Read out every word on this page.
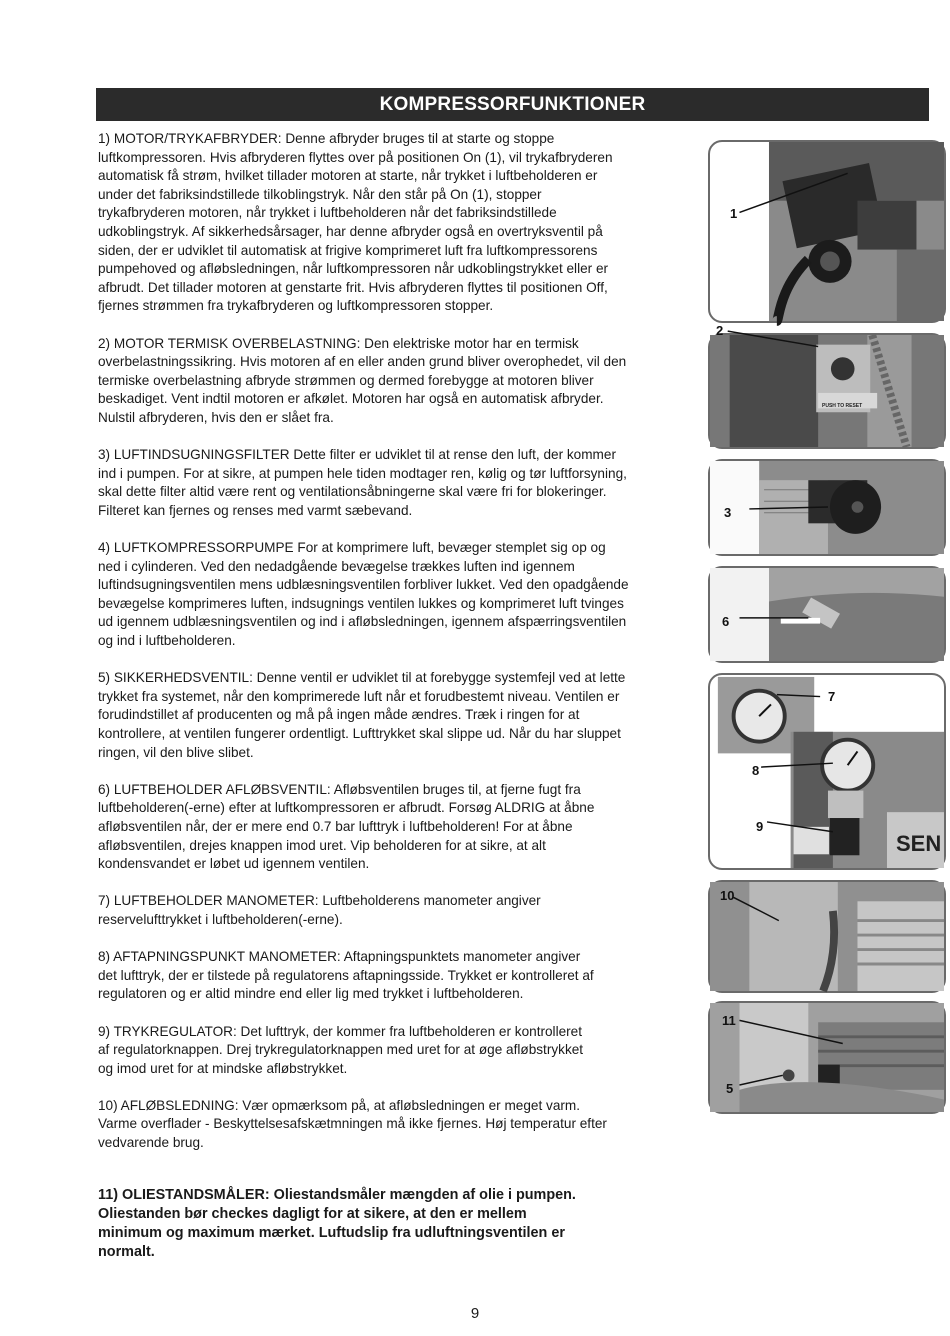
KOMPRESSORFUNKTIONER

1) MOTOR/TRYKAFBRYDER: Denne afbryder bruges til at starte og stoppe
luftkompressoren. Hvis afbryderen flyttes over på positionen On (1), vil trykafbryderen
automatisk få strøm, hvilket tillader motoren at starte, når trykket i luftbeholderen er
under det fabriksindstillede tilkoblingstryk. Når den står på On (1), stopper
trykafbryderen motoren, når trykket i luftbeholderen når det fabriksindstillede
udkoblingstryk. Af sikkerhedsårsager, har denne afbryder også en overtryksventil på
siden, der er udviklet til automatisk at frigive komprimeret luft fra luftkompressorens
pumpehoved og afløbsledningen, når luftkompressoren når udkoblingstrykket eller er
afbrudt. Det tillader motoren at genstarte frit. Hvis afbryderen flyttes til positionen Off,
fjernes strømmen fra trykafbryderen og luftkompressoren stopper.

2) MOTOR TERMISK OVERBELASTNING: Den elektriske motor har en termisk
overbelastningssikring. Hvis motoren af en eller anden grund bliver overophedet, vil den
termiske overbelastning afbryde strømmen og dermed forebygge at motoren bliver
beskadiget. Vent indtil motoren er afkølet. Motoren har også en automatisk afbryder.
Nulstil afbryderen, hvis den er slået fra.

3) LUFTINDSUGNINGSFILTER Dette filter er udviklet til at rense den luft, der kommer
ind i pumpen. For at sikre, at pumpen hele tiden modtager ren, kølig og tør luftforsyning,
skal dette filter altid være rent og ventilationsåbningerne skal være fri for blokeringer.
Filteret kan fjernes og renses med varmt sæbevand.

4) LUFTKOMPRESSORPUMPE For at komprimere luft, bevæger stemplet sig op og
ned i cylinderen. Ved den nedadgående bevægelse trækkes luften ind igennem
luftindsugningsventilen mens udblæsningsventilen forbliver lukket. Ved den opadgående
bevægelse komprimeres luften, indsugnings ventilen lukkes og komprimeret luft tvinges
ud igennem udblæsningsventilen og ind i afløbsledningen, igennem afspærringsventilen
og ind i luftbeholderen.

5) SIKKERHEDSVENTIL: Denne ventil er udviklet til at forebygge systemfejl ved at lette
trykket fra systemet, når den komprimerede luft når et forudbestemt niveau. Ventilen er
forudindstillet af producenten og må på ingen måde ændres. Træk i ringen for at
kontrollere, at ventilen fungerer ordentligt. Lufttrykket skal slippe ud. Når du har sluppet
ringen, vil den blive slibet.

6) LUFTBEHOLDER AFLØBSVENTIL: Afløbsventilen bruges til, at fjerne fugt fra
luftbeholderen(-erne) efter at luftkompressoren er afbrudt. Forsøg ALDRIG at åbne
afløbsventilen når, der er mere end 0.7 bar lufttryk i luftbeholderen! For at åbne
afløbsventilen, drejes knappen imod uret. Vip beholderen for at sikre, at alt
kondensvandet er løbet ud igennem ventilen.

7) LUFTBEHOLDER MANOMETER: Luftbeholderens manometer angiver
reservelufttrykket i luftbeholderen(-erne).

8) AFTAPNINGSPUNKT MANOMETER: Aftapningspunktets manometer angiver
det lufttryk, der er tilstede på regulatorens aftapningsside. Trykket er kontrolleret af
regulatoren og er altid mindre end eller lig med trykket i luftbeholderen.

9) TRYKREGULATOR: Det lufttryk, der kommer fra luftbeholderen er kontrolleret
af regulatorknappen. Drej trykregulatorknappen med uret for at øge afløbstrykket
og imod uret for at mindske afløbstrykket.

10) AFLØBSLEDNING: Vær opmærksom på, at afløbsledningen er meget varm.
Varme overflader - Beskyttelsesafskætmningen må ikke fjernes. Høj temperatur efter
vedvarende brug.

11) OLIESTANDSMÅLER: Oliestandsmåler mængden af olie i pumpen.
Oliestanden bør checkes dagligt for at sikere, at den er mellem
minimum og maximum mærket. Luftudslip fra udluftningsventilen er
normalt.

9
1
2
PUSH TO RESET
3
6
7
8
9
SEN
10
11
5
